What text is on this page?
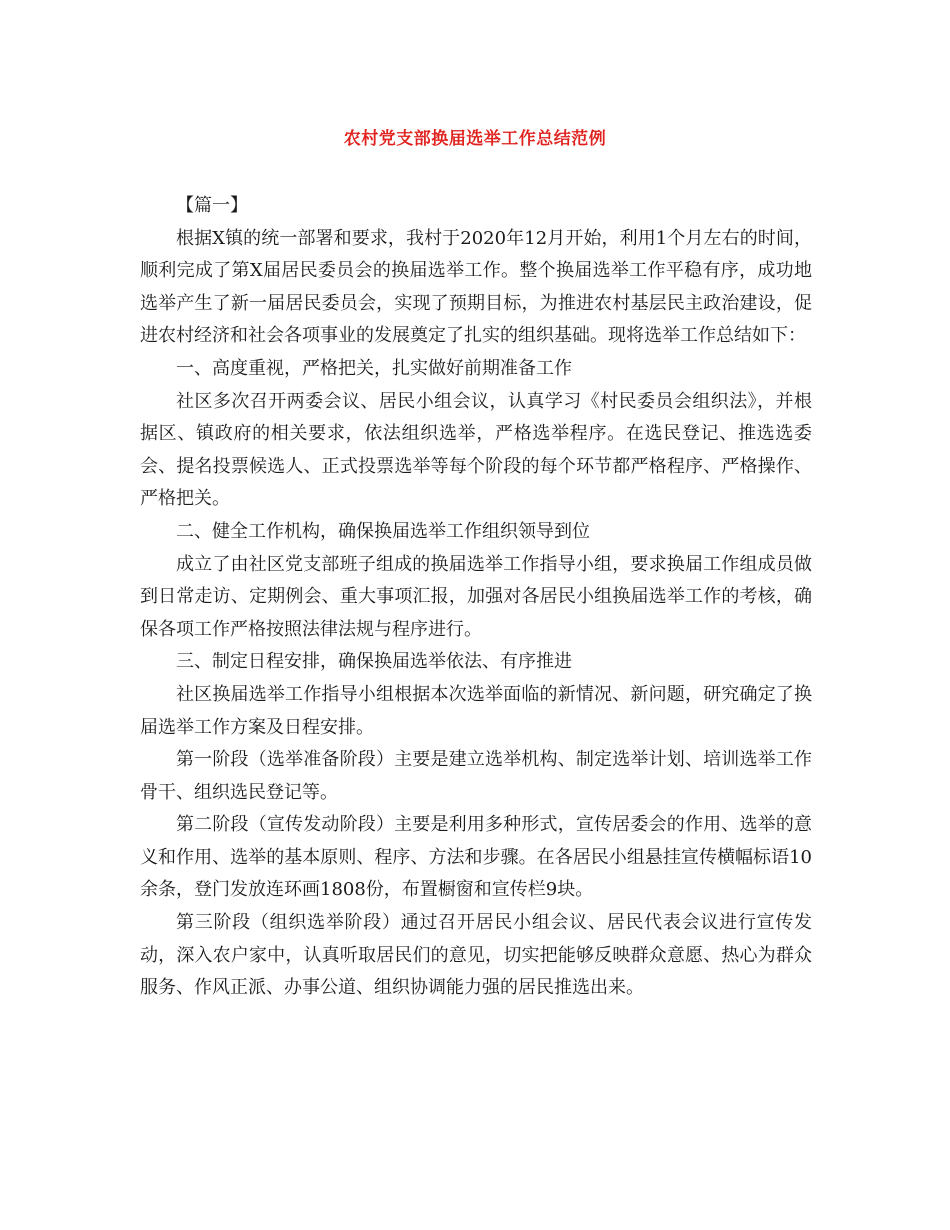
农村党支部换届选举工作总结范例

【篇一】

根据X镇的统一部署和要求，我村于2020年12月开始，利用1个月左右的时间，顺利完成了第X届居民委员会的换届选举工作。整个换届选举工作平稳有序，成功地选举产生了新一届居民委员会，实现了预期目标，为推进农村基层民主政治建设，促进农村经济和社会各项事业的发展奠定了扎实的组织基础。现将选举工作总结如下：

一、高度重视，严格把关，扎实做好前期准备工作

社区多次召开两委会议、居民小组会议，认真学习《村民委员会组织法》，并根据区、镇政府的相关要求，依法组织选举，严格选举程序。在选民登记、推选选委会、提名投票候选人、正式投票选举等每个阶段的每个环节都严格程序、严格操作、严格把关。

二、健全工作机构，确保换届选举工作组织领导到位

成立了由社区党支部班子组成的换届选举工作指导小组，要求换届工作组成员做到日常走访、定期例会、重大事项汇报，加强对各居民小组换届选举工作的考核，确保各项工作严格按照法律法规与程序进行。

三、制定日程安排，确保换届选举依法、有序推进

社区换届选举工作指导小组根据本次选举面临的新情况、新问题，研究确定了换届选举工作方案及日程安排。

第一阶段（选举准备阶段）主要是建立选举机构、制定选举计划、培训选举工作骨干、组织选民登记等。

第二阶段（宣传发动阶段）主要是利用多种形式，宣传居委会的作用、选举的意义和作用、选举的基本原则、程序、方法和步骤。在各居民小组悬挂宣传横幅标语10余条，登门发放连环画1808份，布置橱窗和宣传栏9块。

第三阶段（组织选举阶段）通过召开居民小组会议、居民代表会议进行宣传发动，深入农户家中，认真听取居民们的意见，切实把能够反映群众意愿、热心为群众服务、作风正派、办事公道、组织协调能力强的居民推选出来。
